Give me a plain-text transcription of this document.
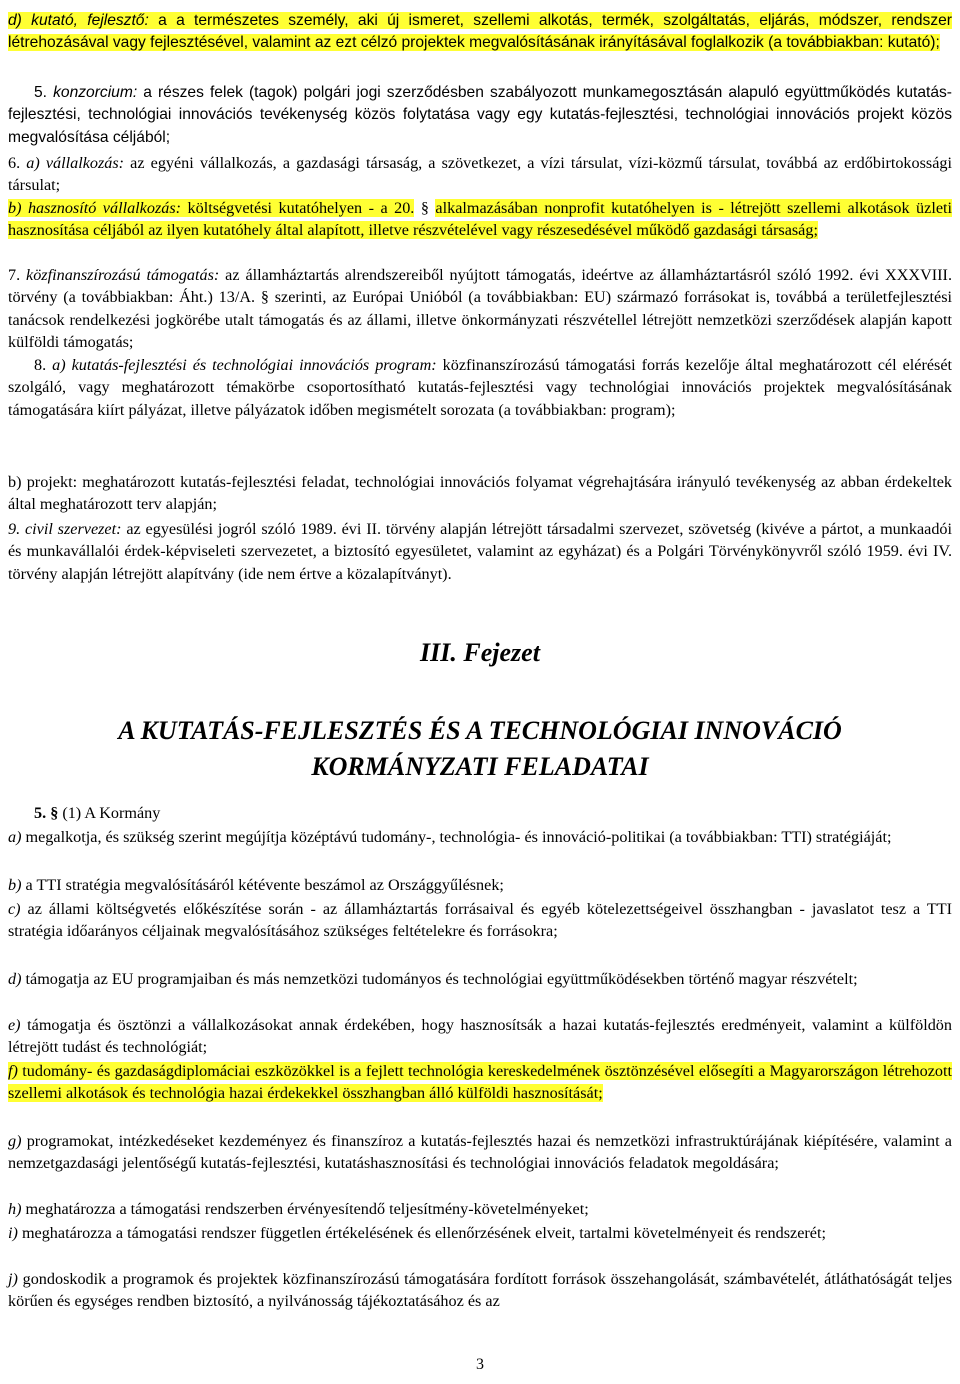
d) kutató, fejlesztő: a a természetes személy, aki új ismeret, szellemi alkotás, termék, szolgáltatás, eljárás, módszer, rendszer létrehozásával vagy fejlesztésével, valamint az ezt célzó projektek megvalósításának irányításával foglalkozik (a továbbiakban: kutató);

5. konzorcium: a részes felek (tagok) polgári jogi szerződésben szabályozott munkamegosztásán alapuló együttműködés kutatás-fejlesztési, technológiai innovációs tevékenység közös folytatása vagy egy kutatás-fejlesztési, technológiai innovációs projekt közös megvalósítása céljából;

6. a) vállalkozás: az egyéni vállalkozás, a gazdasági társaság, a szövetkezet, a vízi társulat, vízi-közmű társulat, továbbá az erdőbirtokossági társulat;

b) hasznosító vállalkozás: költségvetési kutatóhelyen - a 20. § alkalmazásában nonprofit kutatóhelyen is - létrejött szellemi alkotások üzleti hasznosítása céljából az ilyen kutatóhely által alapított, illetve részvételével vagy részesedésével működő gazdasági társaság;

7. közfinanszírozású támogatás: az államháztartás alrendszereiből nyújtott támogatás, ideértve az államháztartásról szóló 1992. évi XXXVIII. törvény (a továbbiakban: Áht.) 13/A. § szerinti, az Európai Unióból (a továbbiakban: EU) származó forrásokat is, továbbá a területfejlesztési tanácsok rendelkezési jogkörébe utalt támogatás és az állami, illetve önkormányzati részvétellel létrejött nemzetközi szerződések alapján kapott külföldi támogatás;

8. a) kutatás-fejlesztési és technológiai innovációs program: közfinanszírozású támogatási forrás kezelője által meghatározott cél elérését szolgáló, vagy meghatározott témakörbe csoportosítható kutatás-fejlesztési vagy technológiai innovációs projektek megvalósításának támogatására kiírt pályázat, illetve pályázatok időben megismételt sorozata (a továbbiakban: program);

b) projekt: meghatározott kutatás-fejlesztési feladat, technológiai innovációs folyamat végrehajtására irányuló tevékenység az abban érdekeltek által meghatározott terv alapján;

9. civil szervezet: az egyesülési jogról szóló 1989. évi II. törvény alapján létrejött társadalmi szervezet, szövetség (kivéve a pártot, a munkaadói és munkavállalói érdek-képviseleti szervezetet, a biztosító egyesületet, valamint az egyházat) és a Polgári Törvénykönyvről szóló 1959. évi IV. törvény alapján létrejött alapítvány (ide nem értve a közalapítványt).

III. Fejezet
A KUTATÁS-FEJLESZTÉS ÉS A TECHNOLÓGIAI INNOVÁCIÓ
KORMÁNYZATI FELADATAI

5. § (1) A Kormány

a) megalkotja, és szükség szerint megújítja középtávú tudomány-, technológia- és innováció-politikai (a továbbiakban: TTI) stratégiáját;

b) a TTI stratégia megvalósításáról kétévente beszámol az Országgyűlésnek;

c) az állami költségvetés előkészítése során - az államháztartás forrásaival és egyéb kötelezettségeivel összhangban - javaslatot tesz a TTI stratégia időarányos céljainak megvalósításához szükséges feltételekre és forrásokra;

d) támogatja az EU programjaiban és más nemzetközi tudományos és technológiai együttműködésekben történő magyar részvételt;

e) támogatja és ösztönzi a vállalkozásokat annak érdekében, hogy hasznosítsák a hazai kutatás-fejlesztés eredményeit, valamint a külföldön létrejött tudást és technológiát;

f) tudomány- és gazdaságdiplomáciai eszközökkel is a fejlett technológia kereskedelmének ösztönzésével elősegíti a Magyarországon létrehozott szellemi alkotások és technológia hazai érdekekkel összhangban álló külföldi hasznosítását;

g) programokat, intézkedéseket kezdeményez és finanszíroz a kutatás-fejlesztés hazai és nemzetközi infrastruktúrájának kiépítésére, valamint a nemzetgazdasági jelentőségű kutatás-fejlesztési, kutatáshasznosítási és technológiai innovációs feladatok megoldására;

h) meghatározza a támogatási rendszerben érvényesítendő teljesítmény-követelményeket;

i) meghatározza a támogatási rendszer független értékelésének és ellenőrzésének elveit, tartalmi követelményeit és rendszerét;

j) gondoskodik a programok és projektek közfinanszírozású támogatására fordított források összehangolását, számbavételét, átláthatóságát teljes körűen és egységes rendben biztosító, a nyilvánosság tájékoztatásához és az

3
